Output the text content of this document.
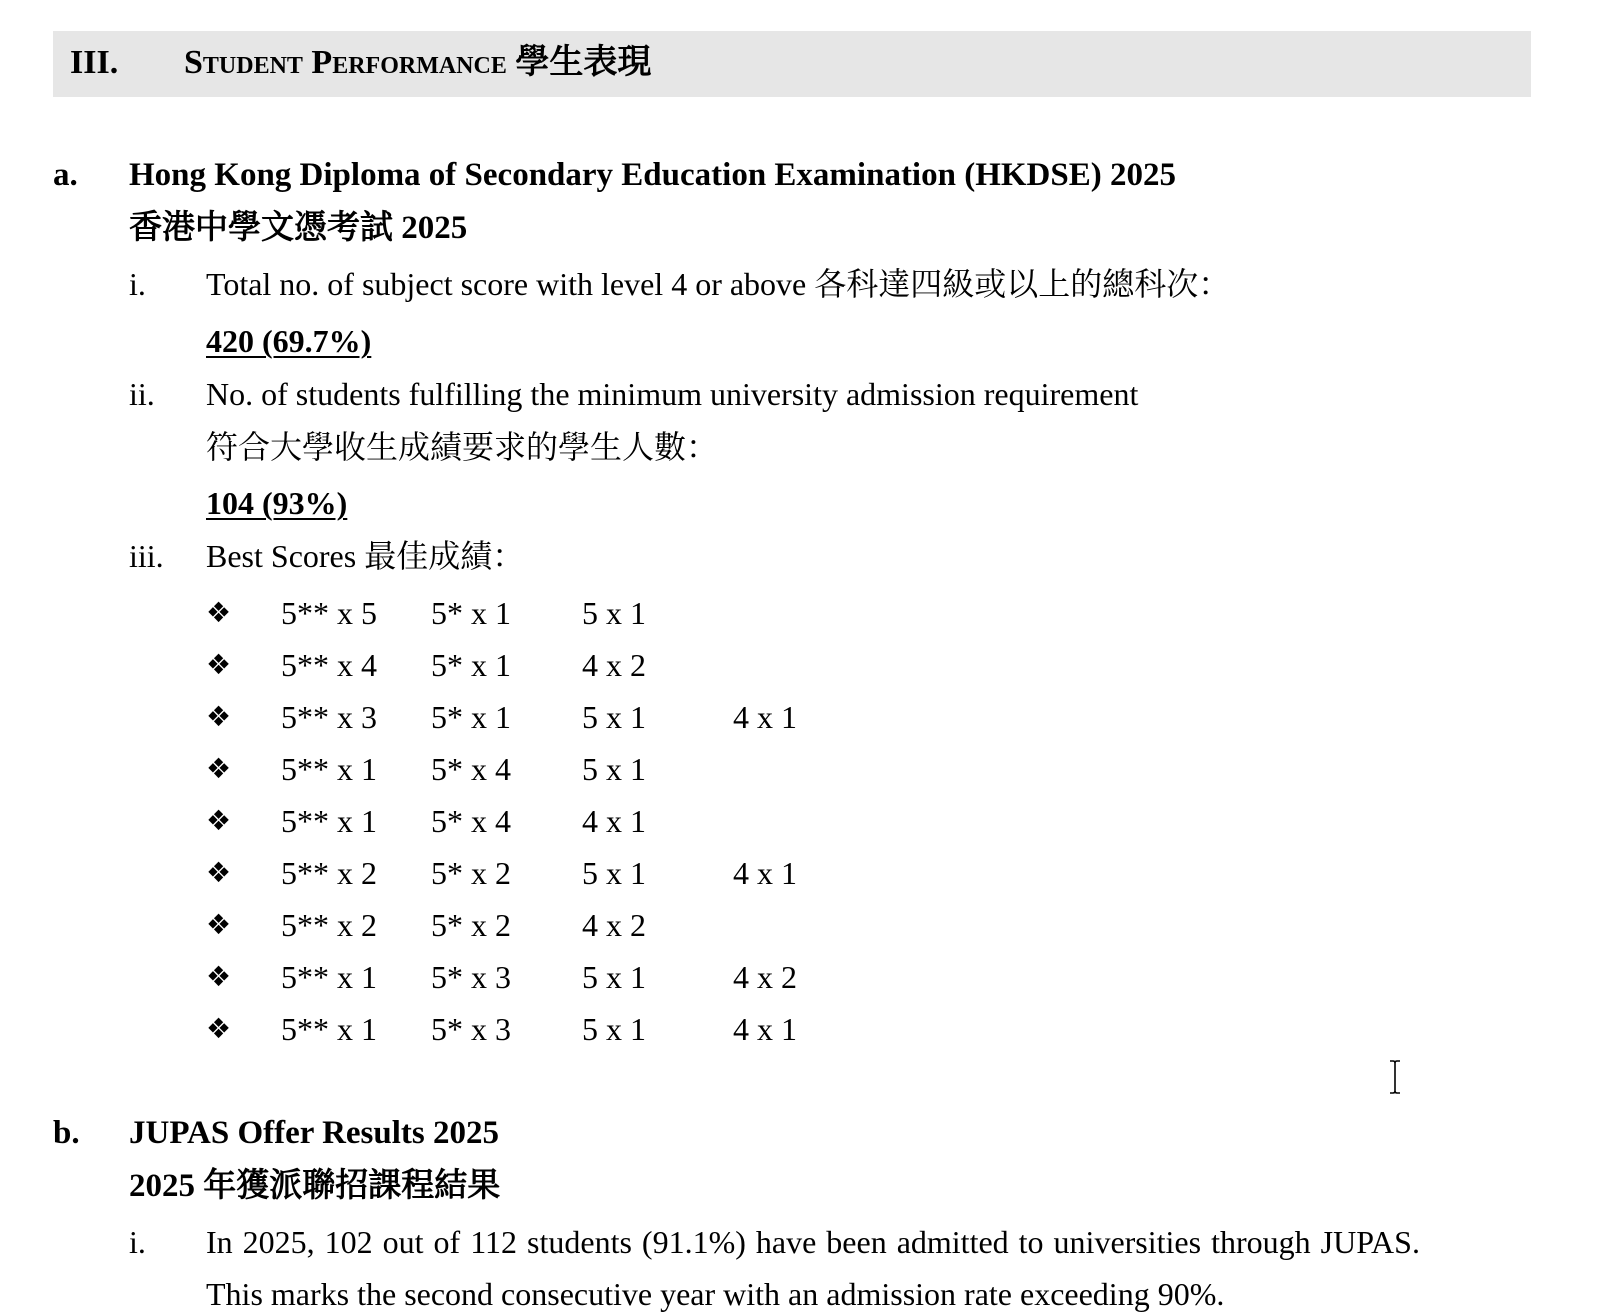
III. Student Performance 學生表現
a. Hong Kong Diploma of Secondary Education Examination (HKDSE) 2025
香港中學文憑考試 2025
i. Total no. of subject score with level 4 or above 各科達四級或以上的總科次：
420 (69.7%)
ii. No. of students fulfilling the minimum university admission requirement
符合大學收生成績要求的學生人數：
104 (93%)
iii. Best Scores 最佳成績：
❖ 5** x 5 5* x 1 5 x 1
❖ 5** x 4 5* x 1 4 x 2
❖ 5** x 3 5* x 1 5 x 1	4 x 1
❖ 5** x 1 5* x 4 5 x 1
❖ 5** x 1 5* x 4 4 x 1
❖ 5** x 2 5* x 2 5 x 1	4 x 1
❖ 5** x 2 5* x 2 4 x 2
❖ 5** x 1 5* x 3 5 x 1	4 x 2
❖ 5** x 1 5* x 3 5 x 1	4 x 1
b. JUPAS Offer Results 2025
2025 年獲派聯招課程結果
i. In 2025, 102 out of 112 students (91.1%) have been admitted to universities through JUPAS.
This marks the second consecutive year with an admission rate exceeding 90%.
